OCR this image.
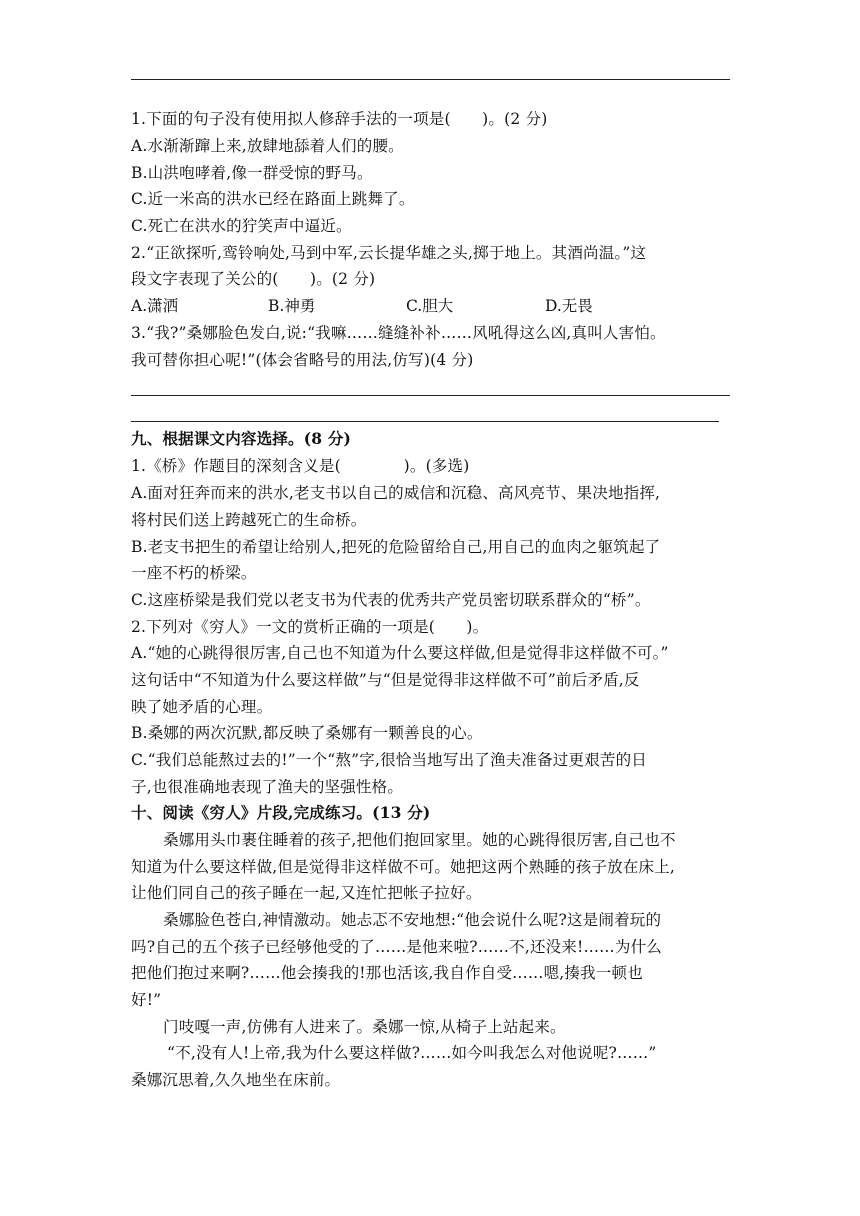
1.下面的句子没有使用拟人修辞手法的一项是(　　)。(2 分)
A.水渐渐蹿上来,放肆地舔着人们的腰。
B.山洪咆哮着,像一群受惊的野马。
C.近一米高的洪水已经在路面上跳舞了。
C.死亡在洪水的狞笑声中逼近。
2.“正欲探听,鸾铃响处,马到中军,云长提华雄之头,掷于地上。其酒尚温。”这
段文字表现了关公的(　　)。(2 分)
A.潇洒	B.神勇	C.胆大	D.无畏
3.“我?”桑娜脸色发白,说:“我嘛……缝缝补补……风吼得这么凶,真叫人害怕。
我可替你担心呢!”(体会省略号的用法,仿写)(4 分)
九、根据课文内容选择。(8 分)
1.《桥》作题目的深刻含义是(　　　　)。(多选)
A.面对狂奔而来的洪水,老支书以自己的威信和沉稳、高风亮节、果决地指挥,
将村民们送上跨越死亡的生命桥。
B.老支书把生的希望让给别人,把死的危险留给自己,用自己的血肉之躯筑起了
一座不朽的桥梁。
C.这座桥梁是我们党以老支书为代表的优秀共产党员密切联系群众的“桥”。
2.下列对《穷人》一文的赏析正确的一项是(　　)。
A.“她的心跳得很厉害,自己也不知道为什么要这样做,但是觉得非这样做不可。”
这句话中“不知道为什么要这样做”与“但是觉得非这样做不可”前后矛盾,反
映了她矛盾的心理。
B.桑娜的两次沉默,都反映了桑娜有一颗善良的心。
C.“我们总能熬过去的!”一个“熬”字,很恰当地写出了渔夫准备过更艰苦的日
子,也很准确地表现了渔夫的坚强性格。
十、阅读《穷人》片段,完成练习。(13 分)
桑娜用头巾裹住睡着的孩子,把他们抱回家里。她的心跳得很厉害,自己也不
知道为什么要这样做,但是觉得非这样做不可。她把这两个熟睡的孩子放在床上,
让他们同自己的孩子睡在一起,又连忙把帐子拉好。
桑娜脸色苍白,神情激动。她忐忑不安地想:“他会说什么呢?这是闹着玩的
吗?自己的五个孩子已经够他受的了……是他来啦?……不,还没来!……为什么
把他们抱过来啊?……他会揍我的!那也活该,我自作自受……嗯,揍我一顿也
好!”
门吱嘎一声,仿佛有人进来了。桑娜一惊,从椅子上站起来。
“不,没有人!上帝,我为什么要这样做?……如今叫我怎么对他说呢?……”
桑娜沉思着,久久地坐在床前。
